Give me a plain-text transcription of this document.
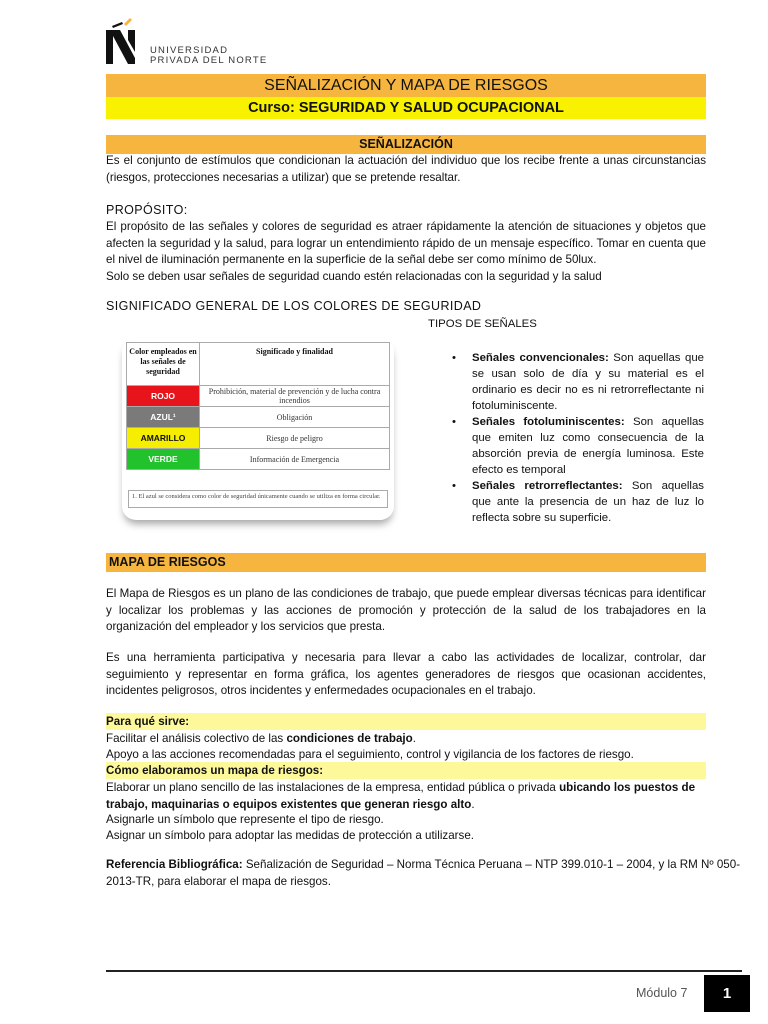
UNIVERSIDAD
PRIVADA DEL NORTE
SEÑALIZACIÓN Y MAPA DE RIESGOS
Curso: SEGURIDAD Y SALUD OCUPACIONAL
SEÑALIZACIÓN

Es el conjunto de estímulos que condicionan la actuación del individuo que los recibe frente a unas circunstancias (riesgos, protecciones necesarias a utilizar) que se pretende resaltar.

PROPÓSITO:

El propósito de las señales y colores de seguridad es atraer rápidamente la atención de situaciones y objetos que afecten la seguridad y la salud, para lograr un entendimiento rápido de un mensaje específico. Tomar en cuenta que el nivel de iluminación permanente en la superficie de la señal debe ser como mínimo de 50lux.

Solo se deben usar señales de seguridad cuando estén relacionadas con la seguridad y la salud

SIGNIFICADO GENERAL DE LOS COLORES DE SEGURIDAD
TIPOS DE SEÑALES
Color empleados en las señales de seguridad	Significado y finalidad
ROJO	Prohibición, material de prevención y de lucha contra incendios
AZUL¹	Obligación
AMARILLO	Riesgo de peligro
VERDE	Información de Emergencia
1. El azul se considera como color de seguridad únicamente cuando se utiliza en forma circular.
• Señales convencionales: Son aquellas que se usan solo de día y su material es el ordinario es decir no es ni retrorreflectante ni fotoluminiscente.
• Señales fotoluminiscentes: Son aquellas que emiten luz como consecuencia de la absorción previa de energía luminosa. Este efecto es temporal
• Señales retrorreflectantes: Son aquellas que ante la presencia de un haz de luz lo reflecta sobre su superficie.
MAPA DE RIESGOS

El Mapa de Riesgos es un plano de las condiciones de trabajo, que puede emplear diversas técnicas para identificar y localizar los problemas y las acciones de promoción y protección de la salud de los trabajadores en la organización del empleador y los servicios que presta.

Es una herramienta participativa y necesaria para llevar a cabo las actividades de localizar, controlar, dar seguimiento y representar en forma gráfica, los agentes generadores de riesgos que ocasionan accidentes, incidentes peligrosos, otros incidentes y enfermedades ocupacionales en el trabajo.

Para qué sirve:
Facilitar el análisis colectivo de las condiciones de trabajo.
Apoyo a las acciones recomendadas para el seguimiento, control y vigilancia de los factores de riesgo.
Cómo elaboramos un mapa de riesgos:
Elaborar un plano sencillo de las instalaciones de la empresa, entidad pública o privada ubicando los puestos de trabajo, maquinarias o equipos existentes que generan riesgo alto.
Asignarle un símbolo que represente el tipo de riesgo.
Asignar un símbolo para adoptar las medidas de protección a utilizarse.
Referencia Bibliográfica: Señalización de Seguridad – Norma Técnica Peruana – NTP 399.010-1 – 2004, y la RM Nº 050-2013-TR, para elaborar el mapa de riesgos.
Módulo 7	1
